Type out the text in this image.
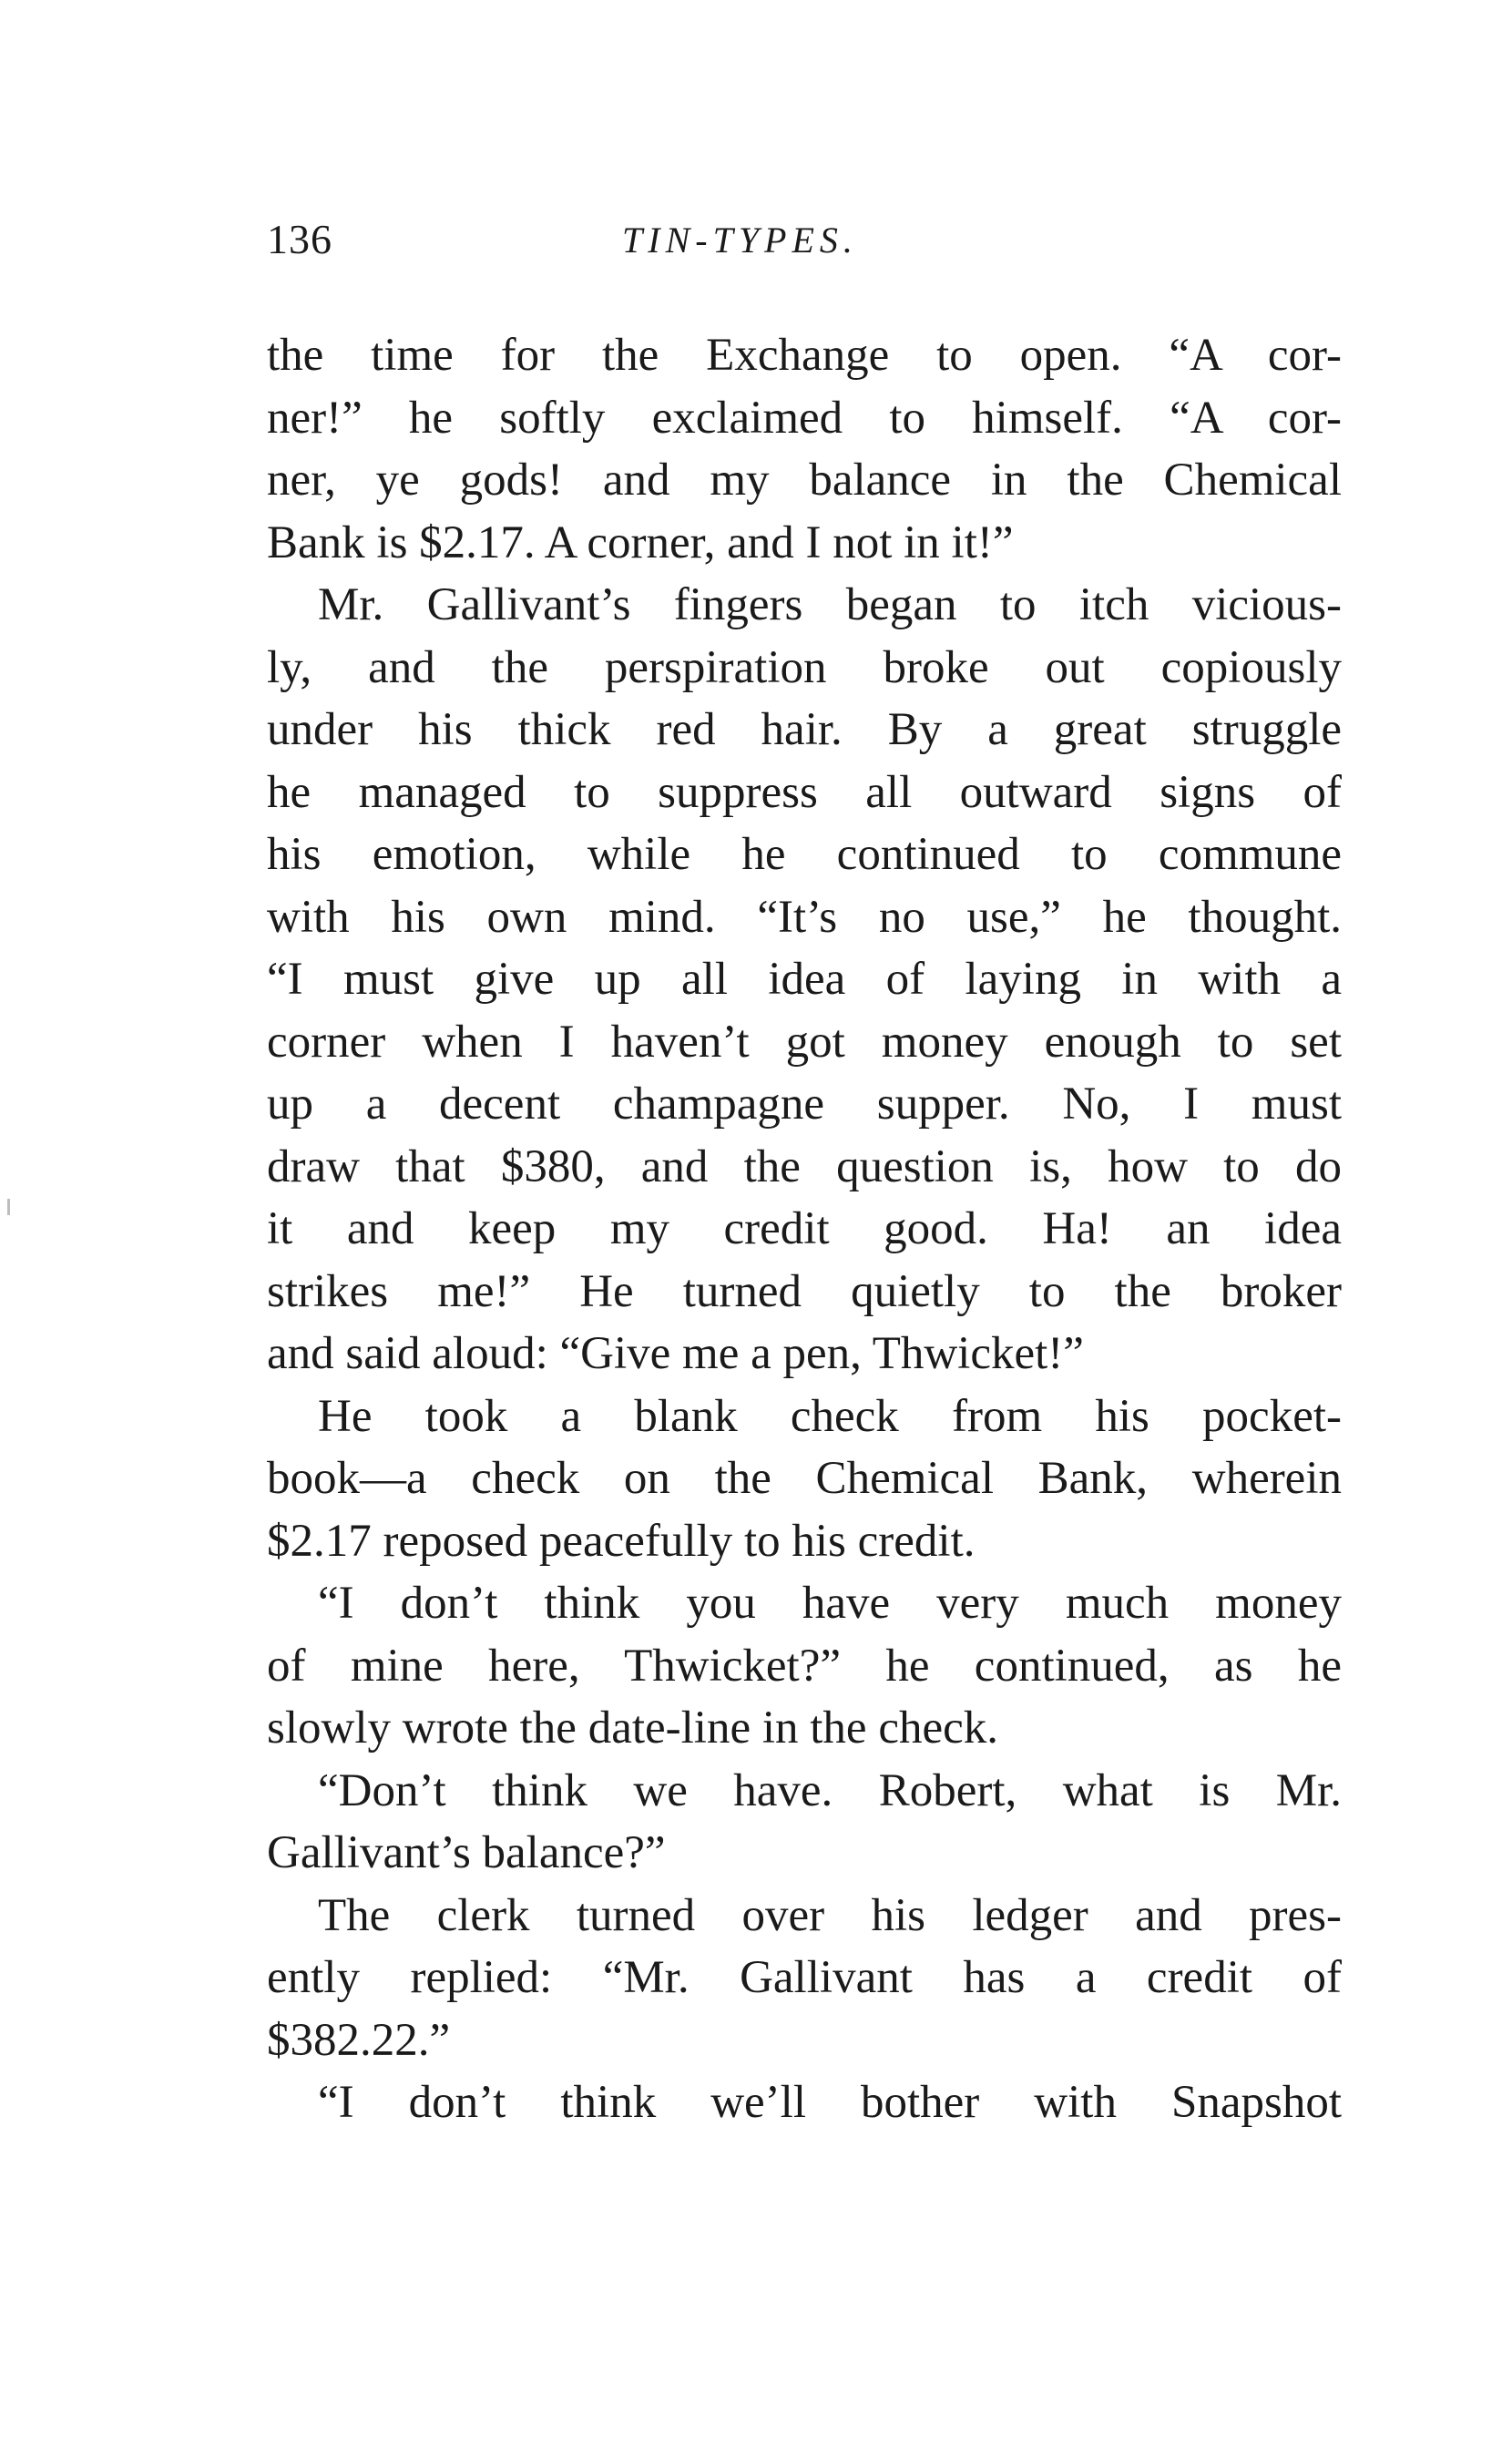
136	TIN-TYPES.
the time for the Exchange to open. “A cor-
ner!” he softly exclaimed to himself. “A cor-
ner, ye gods! and my balance in the Chemical
Bank is $2.17. A corner, and I not in it!”
Mr. Gallivant’s fingers began to itch vicious-
ly, and the perspiration broke out copiously
under his thick red hair. By a great struggle
he managed to suppress all outward signs of
his emotion, while he continued to commune
with his own mind. “It’s no use,” he thought.
“I must give up all idea of laying in with a
corner when I haven’t got money enough to set
up a decent champagne supper. No, I must
draw that $380, and the question is, how to do
it and keep my credit good. Ha! an idea
strikes me!” He turned quietly to the broker
and said aloud: “Give me a pen, Thwicket!”
He took a blank check from his pocket-
book—a check on the Chemical Bank, wherein
$2.17 reposed peacefully to his credit.
“I don’t think you have very much money
of mine here, Thwicket?” he continued, as he
slowly wrote the date-line in the check.
“Don’t think we have. Robert, what is Mr.
Gallivant’s balance?”
The clerk turned over his ledger and pres-
ently replied: “Mr. Gallivant has a credit of
$382.22.”
“I don’t think we’ll bother with Snapshot
